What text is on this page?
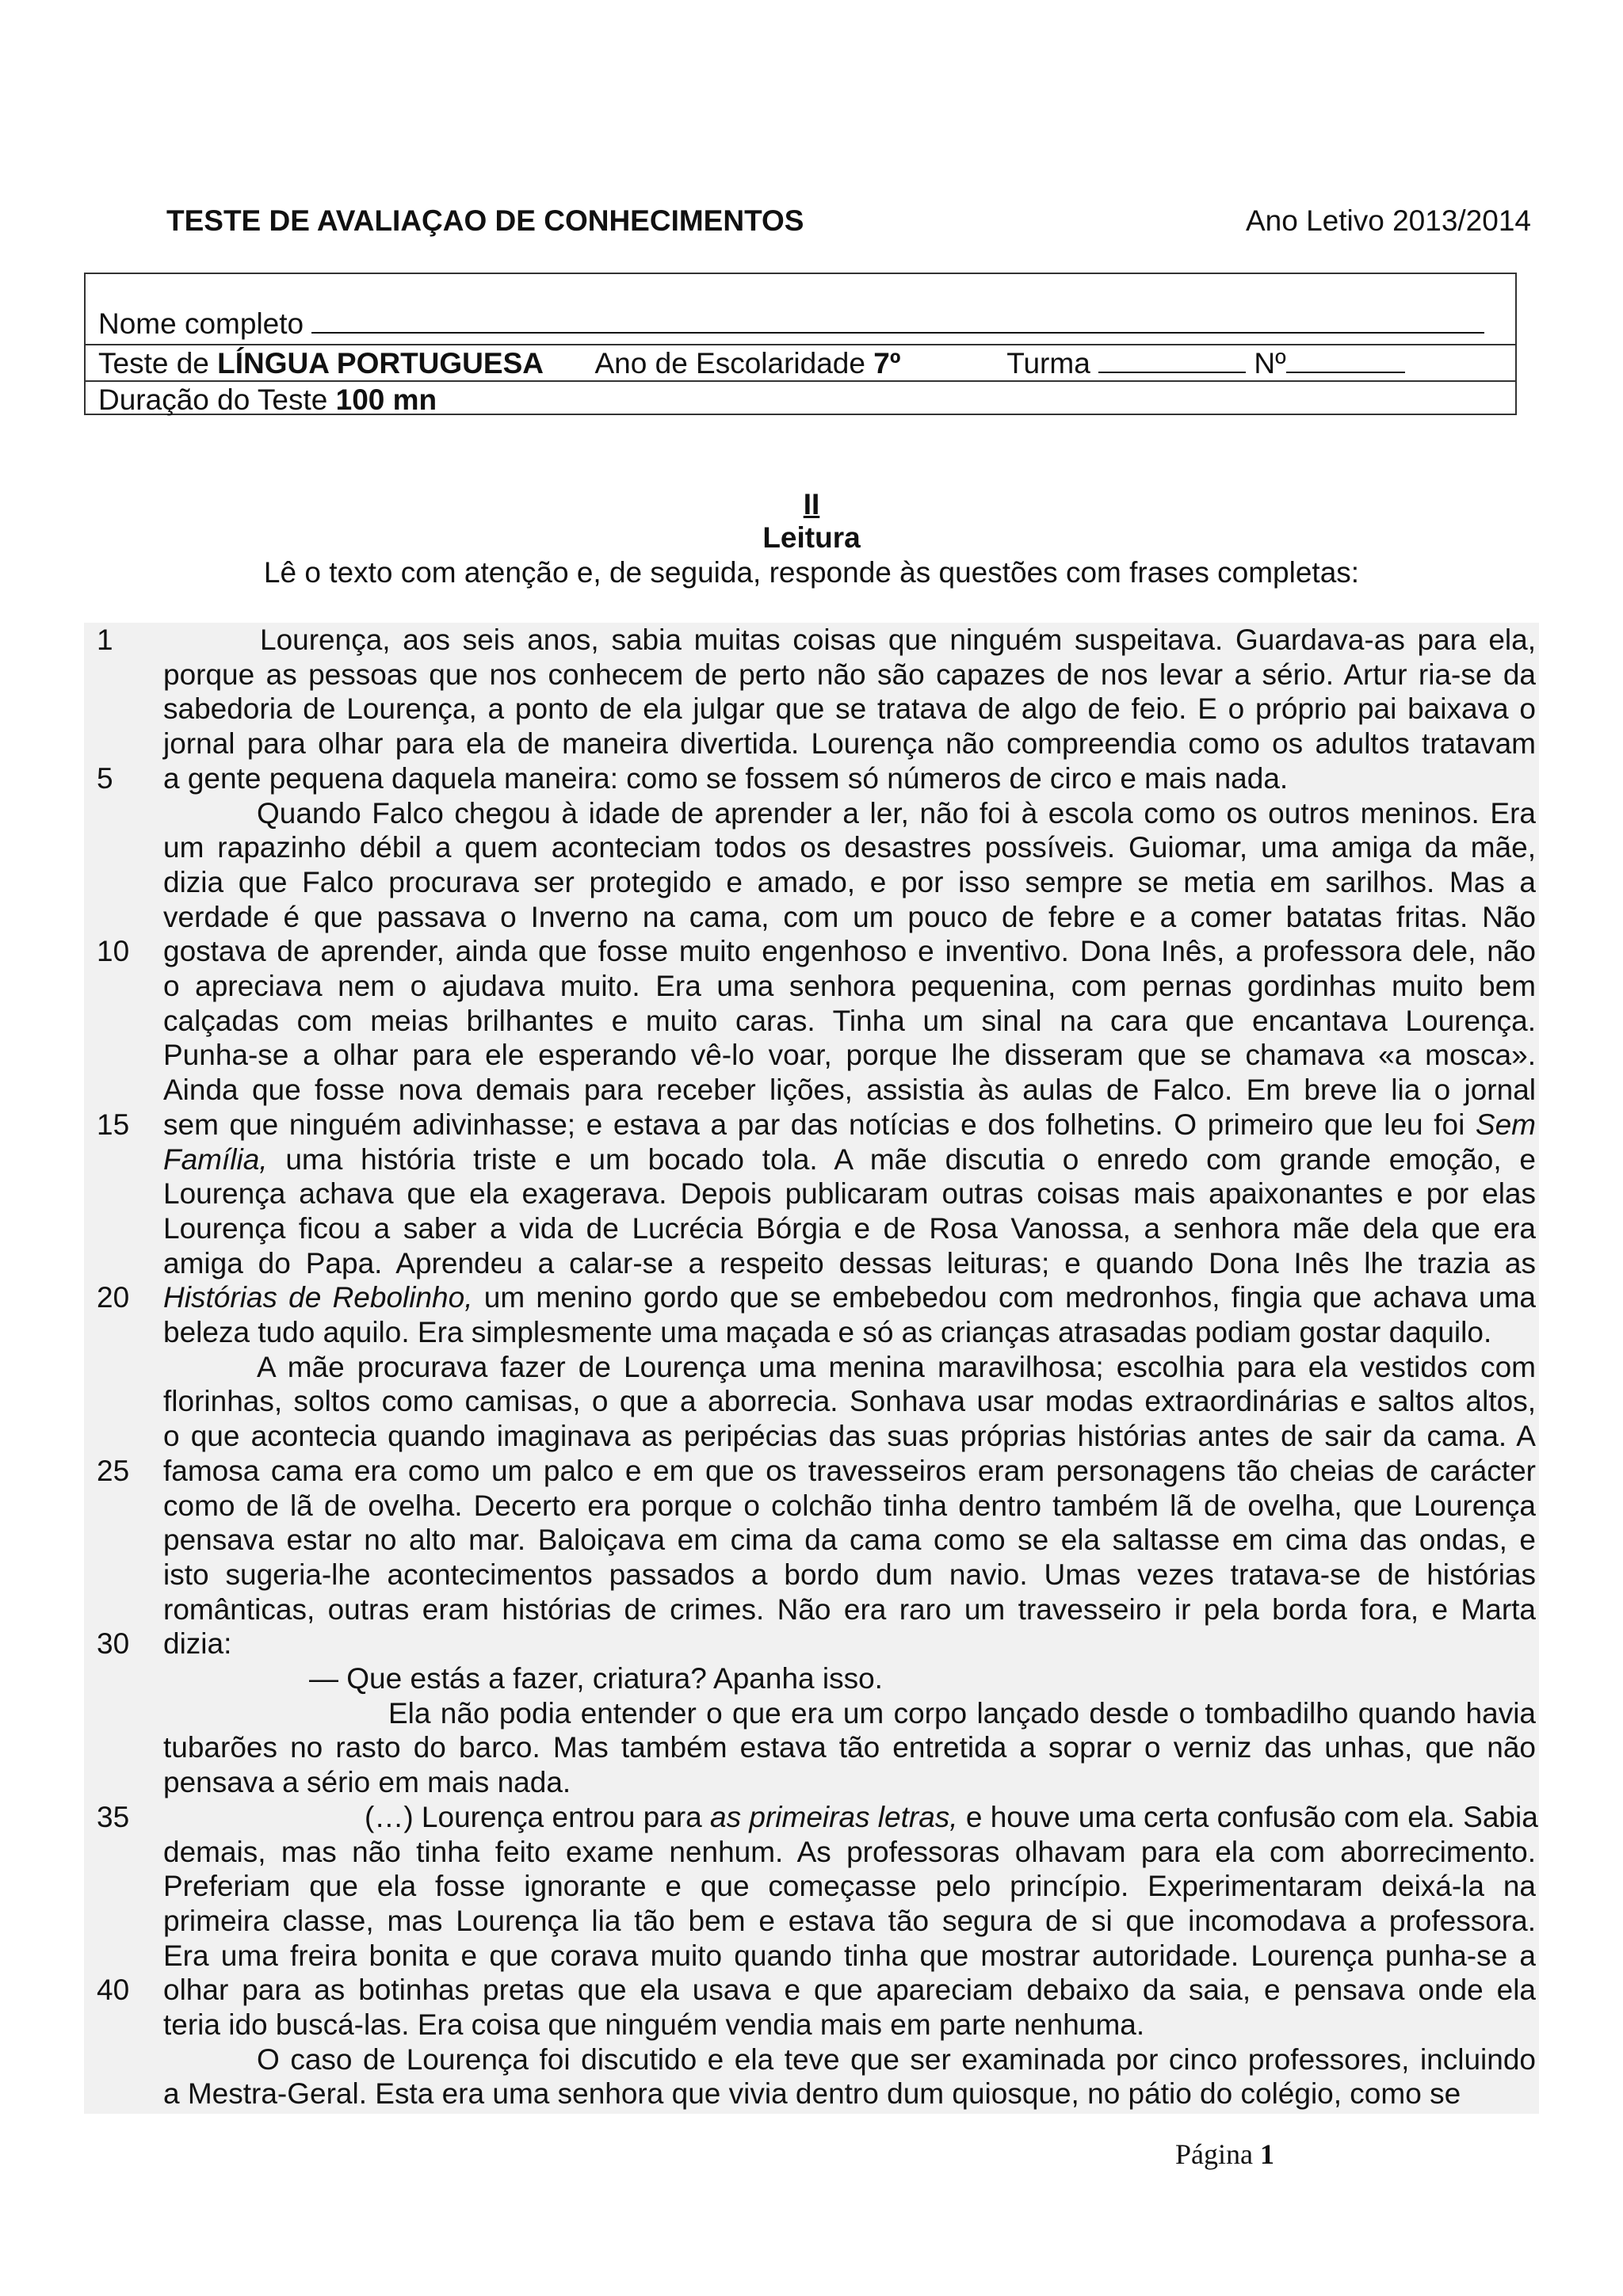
TESTE DE AVALIAÇAO DE CONHECIMENTOS	Ano Letivo 2013/2014
Nome completo
Teste de LÍNGUA PORTUGUESA Ano de Escolaridade 7º	Turma	Nº
Duração do Teste 100 mn
II
Leitura
Lê o texto com atenção e, de seguida, responde às questões com frases completas:
1	Lourença, aos seis anos, sabia muitas coisas que ninguém suspeitava. Guardava-as para ela,
porque as pessoas que nos conhecem de perto não são capazes de nos levar a sério. Artur ria-se da
sabedoria de Lourença, a ponto de ela julgar que se tratava de algo de feio. E o próprio pai baixava o
jornal para olhar para ela de maneira divertida. Lourença não compreendia como os adultos tratavam
5 a gente pequena daquela maneira: como se fossem só números de circo e mais nada.
Quando Falco chegou à idade de aprender a ler, não foi à escola como os outros meninos. Era
um rapazinho débil a quem aconteciam todos os desastres possíveis. Guiomar, uma amiga da mãe,
dizia que Falco procurava ser protegido e amado, e por isso sempre se metia em sarilhos. Mas a
verdade é que passava o Inverno na cama, com um pouco de febre e a comer batatas fritas. Não
10 gostava de aprender, ainda que fosse muito engenhoso e inventivo. Dona Inês, a professora dele, não
o apreciava nem o ajudava muito. Era uma senhora pequenina, com pernas gordinhas muito bem
calçadas com meias brilhantes e muito caras. Tinha um sinal na cara que encantava Lourença.
Punha-se a olhar para ele esperando vê-lo voar, porque lhe disseram que se chamava «a mosca».
Ainda que fosse nova demais para receber lições, assistia às aulas de Falco. Em breve lia o jornal
15 sem que ninguém adivinhasse; e estava a par das notícias e dos folhetins. O primeiro que leu foi Sem
Família, uma história triste e um bocado tola. A mãe discutia o enredo com grande emoção, e
Lourença achava que ela exagerava. Depois publicaram outras coisas mais apaixonantes e por elas
Lourença ficou a saber a vida de Lucrécia Bórgia e de Rosa Vanossa, a senhora mãe dela que era
amiga do Papa. Aprendeu a calar-se a respeito dessas leituras; e quando Dona Inês lhe trazia as
20 Histórias de Rebolinho, um menino gordo que se embebedou com medronhos, fingia que achava uma
beleza tudo aquilo. Era simplesmente uma maçada e só as crianças atrasadas podiam gostar daquilo.
A mãe procurava fazer de Lourença uma menina maravilhosa; escolhia para ela vestidos com
florinhas, soltos como camisas, o que a aborrecia. Sonhava usar modas extraordinárias e saltos altos,
o que acontecia quando imaginava as peripécias das suas próprias histórias antes de sair da cama. A
25 famosa cama era como um palco e em que os travesseiros eram personagens tão cheias de carácter
como de lã de ovelha. Decerto era porque o colchão tinha dentro também lã de ovelha, que Lourença
pensava estar no alto mar. Baloiçava em cima da cama como se ela saltasse em cima das ondas, e
isto sugeria-lhe acontecimentos passados a bordo dum navio. Umas vezes tratava-se de histórias
românticas, outras eram histórias de crimes. Não era raro um travesseiro ir pela borda fora, e Marta
30 dizia:
— Que estás a fazer, criatura? Apanha isso.
Ela não podia entender o que era um corpo lançado desde o tombadilho quando havia
tubarões no rasto do barco. Mas também estava tão entretida a soprar o verniz das unhas, que não
pensava a sério em mais nada.
35	(…) Lourença entrou para as primeiras letras, e houve uma certa confusão com ela. Sabia
demais, mas não tinha feito exame nenhum. As professoras olhavam para ela com aborrecimento.
Preferiam que ela fosse ignorante e que começasse pelo princípio. Experimentaram deixá-la na
primeira classe, mas Lourença lia tão bem e estava tão segura de si que incomodava a professora.
Era uma freira bonita e que corava muito quando tinha que mostrar autoridade. Lourença punha-se a
40 olhar para as botinhas pretas que ela usava e que apareciam debaixo da saia, e pensava onde ela
teria ido buscá-las. Era coisa que ninguém vendia mais em parte nenhuma.
O caso de Lourença foi discutido e ela teve que ser examinada por cinco professores, incluindo
a Mestra-Geral. Esta era uma senhora que vivia dentro dum quiosque, no pátio do colégio, como se
Página 1
